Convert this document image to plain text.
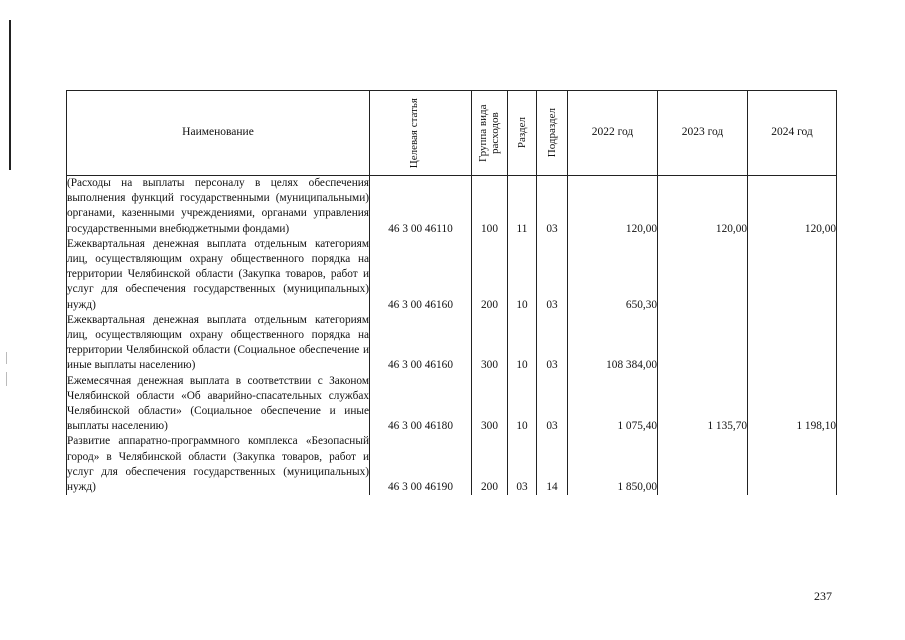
Наименование	Целевая статья	Группа вида расходов	Раздел	Подраздел	2022 год	2023 год	2024 год
(Расходы на выплаты персоналу в целях обеспечения выполнения функций государственными (муниципальными) органами, казенными учреждениями, органами управления государственными внебюджетными фондами)	46 3 00 46110	100	11	03	120,00	120,00	120,00
Ежеквартальная денежная выплата отдельным категориям лиц, осуществляющим охрану общественного порядка на территории Челябинской области (Закупка товаров, работ и услуг для обеспечения государственных (муниципальных) нужд)	46 3 00 46160	200	10	03	650,30		
Ежеквартальная денежная выплата отдельным категориям лиц, осуществляющим охрану общественного порядка на территории Челябинской области (Социальное обеспечение и иные выплаты населению)	46 3 00 46160	300	10	03	108 384,00		
Ежемесячная денежная выплата в соответствии с Законом Челябинской области «Об аварийно-спасательных службах Челябинской области» (Социальное обеспечение и иные выплаты населению)	46 3 00 46180	300	10	03	1 075,40	1 135,70	1 198,10
Развитие аппаратно-программного комплекса «Безопасный город» в Челябинской области (Закупка товаров, работ и услуг для обеспечения государственных (муниципальных) нужд)	46 3 00 46190	200	03	14	1 850,00		
237
